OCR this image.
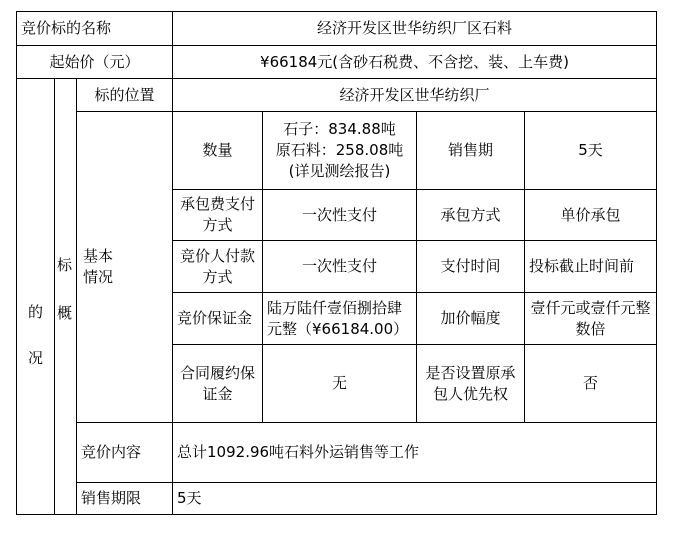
竞价标的名称			经济开发区世华纺织厂区石料			
起始价（元）			¥66184元(含砂石税费、不含挖、装、上车费)			

的
况		标的位置	经济开发区世华纺织厂			
		基本
情况	数量	石子：834.88吨
原石料：258.08吨
(详见测绘报告)	销售期	5天
			承包费支付方式	一次性支付	承包方式	单价承包
			竞价人付款方式	一次性支付	支付时间	投标截止时间前
			竞价保证金	陆万陆仟壹佰捌拾肆元整（¥66184.00）	加价幅度	壹仟元或壹仟元整数倍
			合同履约保证金	无	是否设置原承包人优先权	否
		竞价内容	总计1092.96吨石料外运销售等工作			
		销售期限	5天			
标
概
